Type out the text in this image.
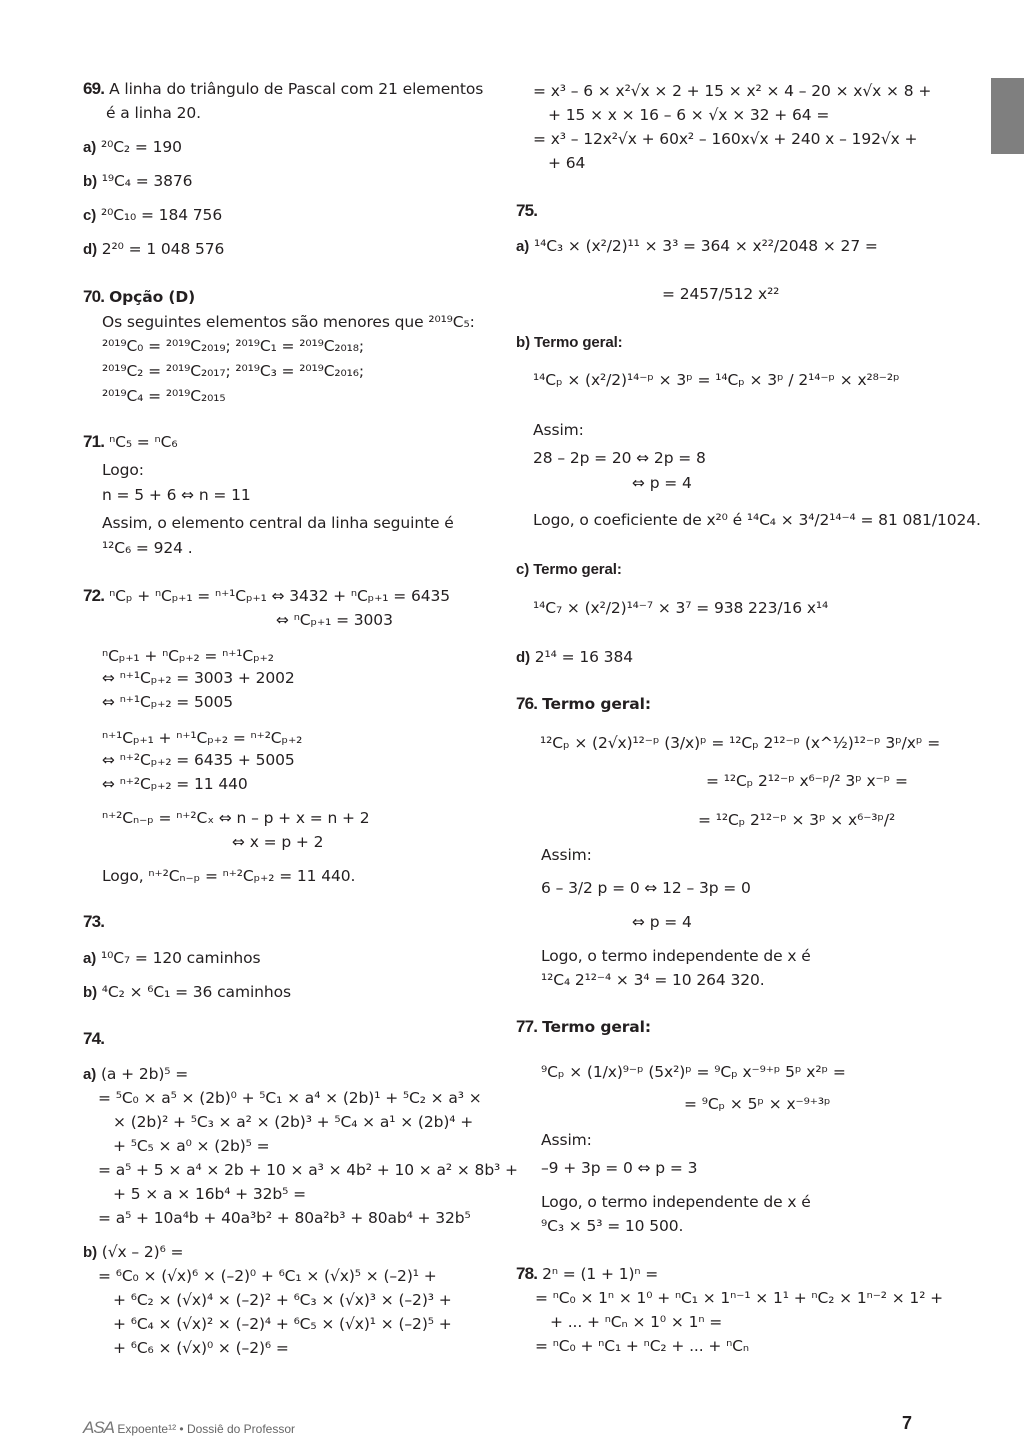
69. A linha do triângulo de Pascal com 21 elementos
é a linha 20.
a) ²⁰C₂ = 190
b) ¹⁹C₄ = 3876
c) ²⁰C₁₀ = 184 756
d) 2²⁰ = 1 048 576
70. Opção (D)
Os seguintes elementos são menores que ²⁰¹⁹C₅:
²⁰¹⁹C₀ = ²⁰¹⁹C₂₀₁₉; ²⁰¹⁹C₁ = ²⁰¹⁹C₂₀₁₈;
²⁰¹⁹C₂ = ²⁰¹⁹C₂₀₁₇; ²⁰¹⁹C₃ = ²⁰¹⁹C₂₀₁₆;
²⁰¹⁹C₄ = ²⁰¹⁹C₂₀₁₅
71. ⁿC₅ = ⁿC₆
Logo:
n = 5 + 6 ⇔ n = 11
Assim, o elemento central da linha seguinte é
¹²C₆ = 924 .
72. ⁿCₚ + ⁿCₚ₊₁ = ⁿ⁺¹Cₚ₊₁ ⇔ 3432 + ⁿCₚ₊₁ = 6435
⇔ ⁿCₚ₊₁ = 3003
ⁿCₚ₊₁ + ⁿCₚ₊₂ = ⁿ⁺¹Cₚ₊₂
⇔ ⁿ⁺¹Cₚ₊₂ = 3003 + 2002
⇔ ⁿ⁺¹Cₚ₊₂ = 5005
ⁿ⁺¹Cₚ₊₁ + ⁿ⁺¹Cₚ₊₂ = ⁿ⁺²Cₚ₊₂
⇔ ⁿ⁺²Cₚ₊₂ = 6435 + 5005
⇔ ⁿ⁺²Cₚ₊₂ = 11 440
ⁿ⁺²Cₙ₋ₚ = ⁿ⁺²Cₓ ⇔ n – p + x = n + 2
⇔ x = p + 2
Logo, ⁿ⁺²Cₙ₋ₚ = ⁿ⁺²Cₚ₊₂ = 11 440.
73.
a) ¹⁰C₇ = 120 caminhos
b) ⁴C₂ × ⁶C₁ = 36 caminhos
74.
a) (a + 2b)⁵ =
= ⁵C₀ × a⁵ × (2b)⁰ + ⁵C₁ × a⁴ × (2b)¹ + ⁵C₂ × a³ ×
× (2b)² + ⁵C₃ × a² × (2b)³ + ⁵C₄ × a¹ × (2b)⁴ +
+ ⁵C₅ × a⁰ × (2b)⁵ =
= a⁵ + 5 × a⁴ × 2b + 10 × a³ × 4b² + 10 × a² × 8b³ +
+ 5 × a × 16b⁴ + 32b⁵ =
= a⁵ + 10a⁴b + 40a³b² + 80a²b³ + 80ab⁴ + 32b⁵
b) (√x – 2)⁶ =
= ⁶C₀ × (√x)⁶ × (–2)⁰ + ⁶C₁ × (√x)⁵ × (–2)¹ +
+ ⁶C₂ × (√x)⁴ × (–2)² + ⁶C₃ × (√x)³ × (–2)³ +
+ ⁶C₄ × (√x)² × (–2)⁴ + ⁶C₅ × (√x)¹ × (–2)⁵ +
+ ⁶C₆ × (√x)⁰ × (–2)⁶ =
= x³ – 6 × x²√x × 2 + 15 × x² × 4 – 20 × x√x × 8 +
+ 15 × x × 16 – 6 × √x × 32 + 64 =
= x³ – 12x²√x + 60x² – 160x√x + 240 x – 192√x +
+ 64
75.
a) ¹⁴C₃ × (x²/2)¹¹ × 3³ = 364 × x²²/2048 × 27 =
= 2457/512 x²²
b) Termo geral:
¹⁴Cₚ × (x²/2)¹⁴⁻ᵖ × 3ᵖ = ¹⁴Cₚ × 3ᵖ / 2¹⁴⁻ᵖ × x²⁸⁻²ᵖ
Assim:
28 – 2p = 20 ⇔ 2p = 8
⇔ p = 4
Logo, o coeficiente de x²⁰ é ¹⁴C₄ × 3⁴/2¹⁴⁻⁴ = 81 081/1024.
c) Termo geral:
¹⁴C₇ × (x²/2)¹⁴⁻⁷ × 3⁷ = 938 223/16 x¹⁴
d) 2¹⁴ = 16 384
76. Termo geral:
¹²Cₚ × (2√x)¹²⁻ᵖ (3/x)ᵖ = ¹²Cₚ 2¹²⁻ᵖ (x^½)¹²⁻ᵖ 3ᵖ/xᵖ =
= ¹²Cₚ 2¹²⁻ᵖ x⁶⁻ᵖ/² 3ᵖ x⁻ᵖ =
= ¹²Cₚ 2¹²⁻ᵖ × 3ᵖ × x⁶⁻³ᵖ/²
Assim:
6 – 3/2 p = 0 ⇔ 12 – 3p = 0
⇔ p = 4
Logo, o termo independente de x é
¹²C₄ 2¹²⁻⁴ × 3⁴ = 10 264 320.
77. Termo geral:
⁹Cₚ × (1/x)⁹⁻ᵖ (5x²)ᵖ = ⁹Cₚ x⁻⁹⁺ᵖ 5ᵖ x²ᵖ =
= ⁹Cₚ × 5ᵖ × x⁻⁹⁺³ᵖ
Assim:
–9 + 3p = 0 ⇔ p = 3
Logo, o termo independente de x é
⁹C₃ × 5³ = 10 500.
78. 2ⁿ = (1 + 1)ⁿ =
= ⁿC₀ × 1ⁿ × 1⁰ + ⁿC₁ × 1ⁿ⁻¹ × 1¹ + ⁿC₂ × 1ⁿ⁻² × 1² +
+ ... + ⁿCₙ × 1⁰ × 1ⁿ =
= ⁿC₀ + ⁿC₁ + ⁿC₂ + ... + ⁿCₙ
ASA Expoente¹² • Dossiê do Professor	7
